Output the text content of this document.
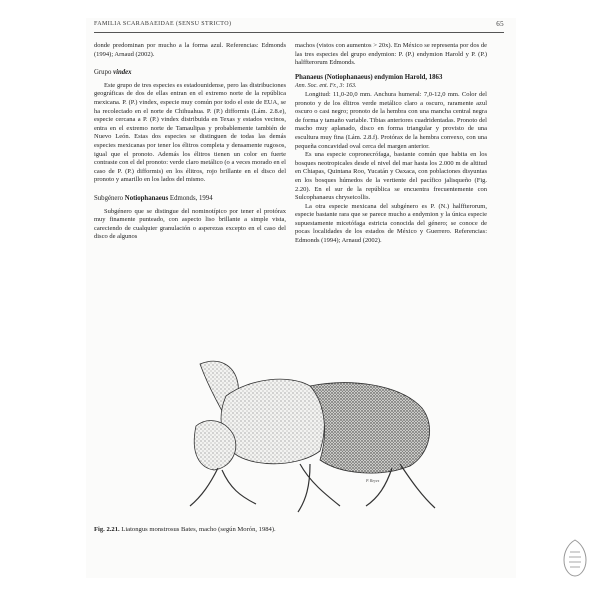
FAMILIA SCARABAEIDAE (SENSU STRICTO)	65

donde predominan por mucho a la forma azul. Referencias: Edmonds (1994); Arnaud (2002).

Grupo vindex

Este grupo de tres especies es estadounidense, pero las distribuciones geográficas de dos de ellas entran en el extremo norte de la república mexicana. P. (P.) vindex, especie muy común por todo el este de EUA, se ha recolectado en el norte de Chihuahua. P. (P.) difformis (Lám. 2.8.e), especie cercana a P. (P.) vindex distribuida en Texas y estados vecinos, entra en el extremo norte de Tamaulipas y probablemente también de Nuevo León. Estas dos especies se distinguen de todas las demás especies mexicanas por tener los élitros completa y densamente rugosos, igual que el pronoto. Además los élitros tienen un color en fuerte contraste con el del pronoto: verde claro metálico (o a veces morado en el caso de P. (P.) difformis) en los élitros, rojo brillante en el disco del pronoto y amarillo en los lados del mismo.

Subgénero Notiophanaeus Edmonds, 1994

Subgénero que se distingue del nominotípico por tener el protórax muy finamente punteado, con aspecto liso brillante a simple vista, careciendo de cualquier granulación o asperezas excepto en el caso del disco de algunos

machos (vistos con aumentos > 20x). En México se representa por dos de las tres especies del grupo endymion: P. (P.) endymion Harold y P. (P.) halffterorum Edmonds.

Phanaeus (Notiophanaeus) endymion Harold, 1863

Ann. Soc. ent. Fr., 3: 163.

Longitud: 11,0-20,0 mm. Anchura humeral: 7,0-12,0 mm. Color del pronoto y de los élitros verde metálico claro a oscuro, raramente azul oscuro o casi negro; pronoto de la hembra con una mancha central negra de forma y tamaño variable. Tibias anteriores cuadridentadas. Pronoto del macho muy aplanado, disco en forma triangular y provisto de una escultura muy fina (Lám. 2.8.f). Protórax de la hembra convexo, con una pequeña concavidad oval cerca del margen anterior.

Es una especie copronecrófaga, bastante común que habita en los bosques neotropicales desde el nivel del mar hasta los 2.000 m de altitud en Chiapas, Quintana Roo, Yucatán y Oaxaca, con poblaciones disyuntas en los bosques húmedos de la vertiente del pacífico jalisqueño (Fig. 2.20). En el sur de la república se encuentra frecuentemente con Sulcophanaeus chryseicollis.

La otra especie mexicana del subgénero es P. (N.) halffterorum, especie bastante rara que se parece mucho a endymion y la única especie supuestamente micetófaga estricta conocida del género; se conoce de pocas localidades de los estados de México y Guerrero. Referencias: Edmonds (1994); Arnaud (2002).

P. Reyes
Fig. 2.21. Liatongus monstrosus Bates, macho (según Morón, 1984).
